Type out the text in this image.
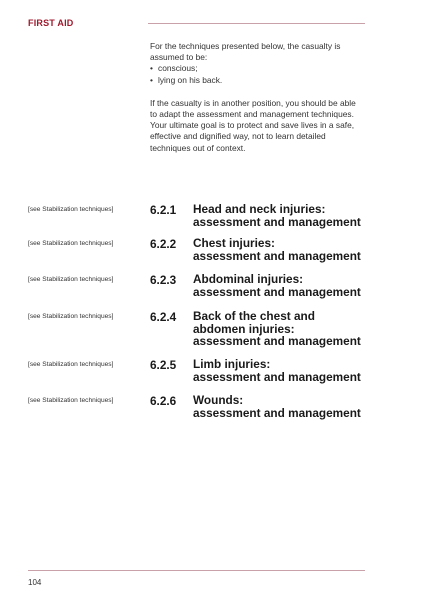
FIRST AID

For the techniques presented below, the casualty is assumed to be:

• conscious;
• lying on his back.

If the casualty is in another position, you should be able to adapt the assessment and management techniques. Your ultimate goal is to protect and save lives in a safe, effective and dignified way, not to learn detailed techniques out of context.

[see Stabilization techniques]	6.2.1 Head and neck injuries:
assessment and management
[see Stabilization techniques]	6.2.2 Chest injuries:
assessment and management
[see Stabilization techniques]	6.2.3 Abdominal injuries:
assessment and management
[see Stabilization techniques]	6.2.4 Back of the chest and
abdomen injuries:
assessment and management
[see Stabilization techniques]	6.2.5 Limb injuries:
assessment and management
[see Stabilization techniques]	6.2.6 Wounds:
assessment and management
104
